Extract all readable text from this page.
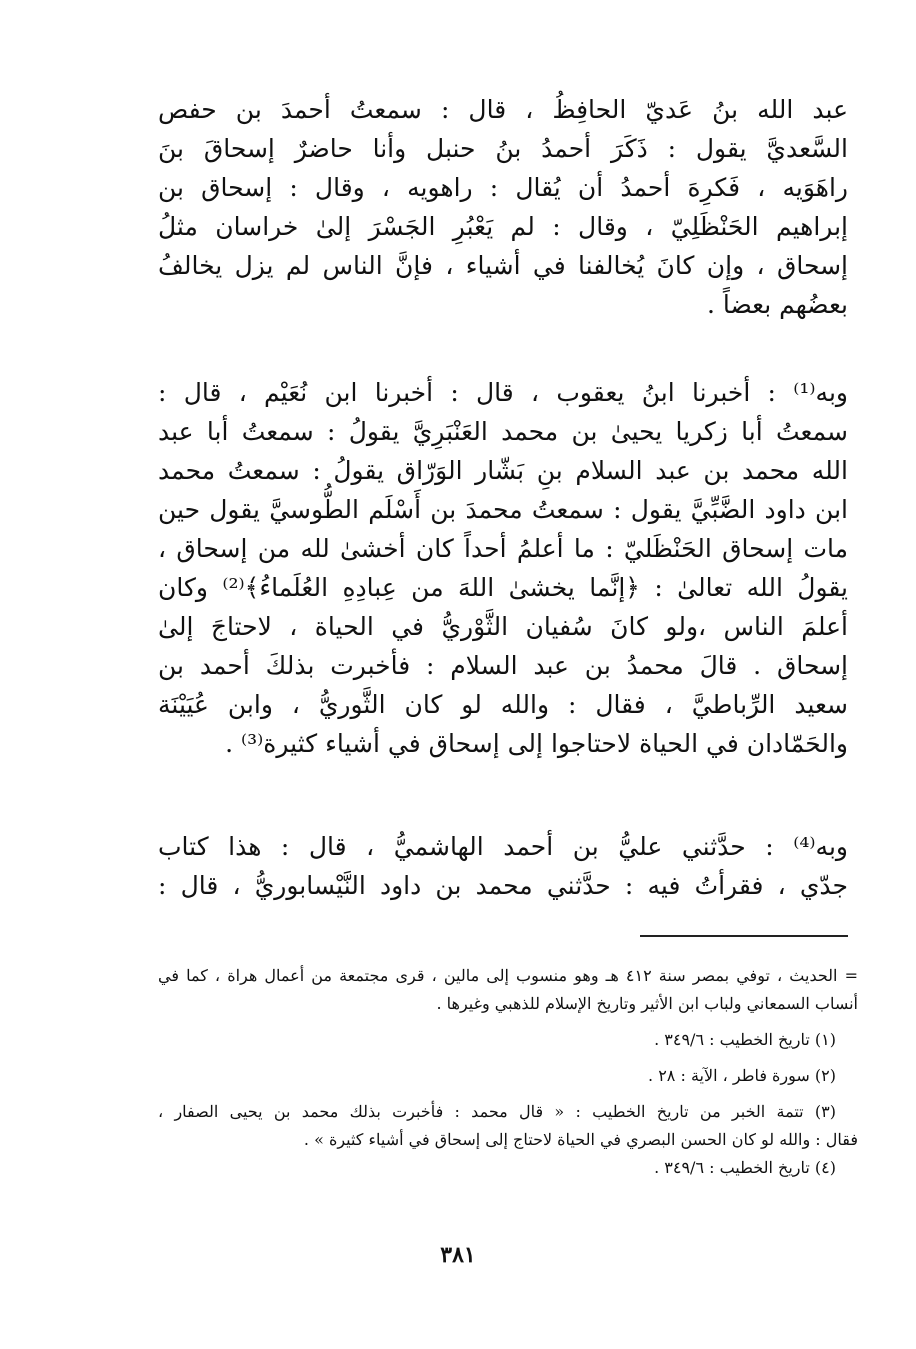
عبد الله بنُ عَديّ الحافِظُ ، قال : سمعتُ أحمدَ بن حفص
السَّعديَّ يقول : ذَكَرَ أحمدُ بنُ حنبل وأنا حاضرٌ إسحاقَ بنَ
راهَوَيه ، فَكرِهَ أحمدُ أن يُقال : راهويه ، وقال : إسحاق بن
إبراهيم الحَنْظَلِيّ ، وقال : لم يَعْبُرِ الجَسْرَ إلىٰ خراسان مثلُ
إسحاق ، وإن كانَ يُخالفنا في أشياء ، فإنَّ الناس لم يزل يخالفُ
بعضُهم بعضاً .
وبه⁽¹⁾ : أخبرنا ابنُ يعقوب ، قال : أخبرنا ابن نُعَيْم ، قال :
سمعتُ أبا زكريا يحيىٰ بن محمد العَنْبَرِيَّ يقولُ : سمعتُ أبا عبد
الله محمد بن عبد السلام بنِ بَشّار الوَرّاق يقولُ : سمعتُ محمد
ابن داود الضَّبِّيَّ يقول : سمعتُ محمدَ بن أَسْلَم الطُّوسيَّ يقول حين
مات إسحاق الحَنْظَليّ : ما أعلمُ أحداً كان أخشىٰ لله من إسحاق ،
يقولُ الله تعالىٰ : ﴿إنَّما يخشىٰ اللهَ من عِبادِهِ العُلَماءُ﴾⁽²⁾ وكان
أعلمَ الناس ،ولو كانَ سُفيان الثَّوْريُّ في الحياة ، لاحتاجَ إلىٰ
إسحاق . قالَ محمدُ بن عبد السلام : فأخبرت بذلكَ أحمد بن
سعيد الرِّباطيَّ ، فقال : والله لو كان الثَّوريُّ ، وابن عُيَيْنَة
والحَمّادان في الحياة لاحتاجوا إلى إسحاق في أشياء كثيرة⁽³⁾ .
وبه⁽⁴⁾ : حدَّثني عليُّ بن أحمد الهاشميُّ ، قال : هذا كتاب
جدّي ، فقرأتُ فيه : حدَّثني محمد بن داود النَّيْسابوريُّ ، قال :
= الحديث ، توفي بمصر سنة ٤١٢ هـ وهو منسوب إلى مالين ، قرى مجتمعة من أعمال هراة ، كما في
أنساب السمعاني ولباب ابن الأثير وتاريخ الإسلام للذهبي وغيرها .
(١) تاريخ الخطيب : ٣٤٩/٦ .
(٢) سورة فاطر ، الآية : ٢٨ .
(٣) تتمة الخبر من تاريخ الخطيب : « قال محمد : فأخبرت بذلك محمد بن يحيى الصفار ،
فقال : والله لو كان الحسن البصري في الحياة لاحتاج إلى إسحاق في أشياء كثيرة » .
(٤) تاريخ الخطيب : ٣٤٩/٦ .
٣٨١
